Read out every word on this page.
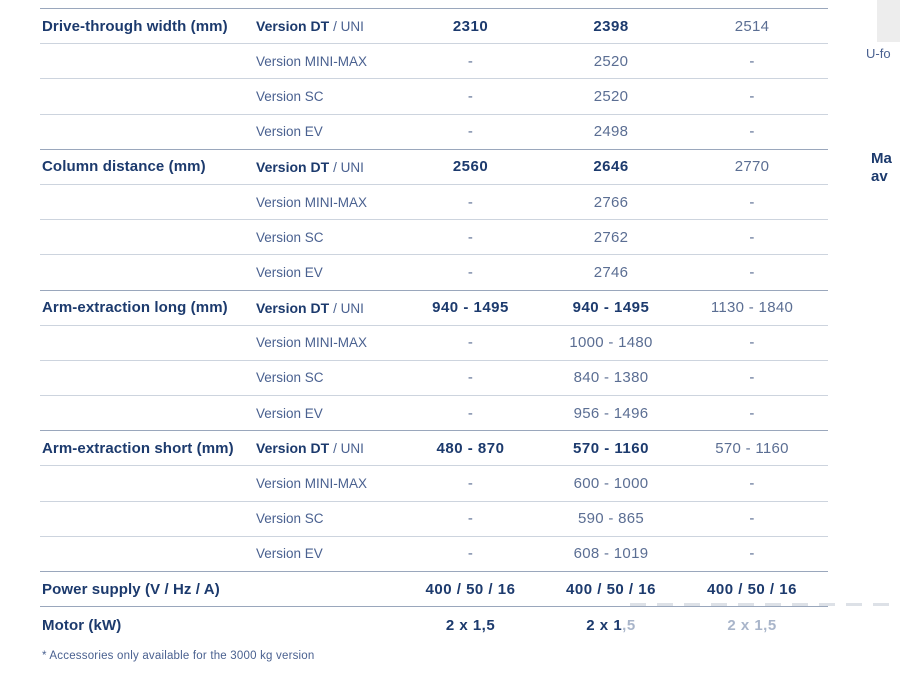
Drive-through width (mm)	Version DT / UNI	2310	2398	2514
Version MINI-MAX	-	2520	-
Version SC	-	2520	-
Version EV	-	2498	-
Column distance (mm)	Version DT / UNI	2560	2646	2770
Version MINI-MAX	-	2766	-
Version SC	-	2762	-
Version EV	-	2746	-
Arm-extraction long (mm)	Version DT / UNI	940 - 1495	940 - 1495	1130 - 1840
Version MINI-MAX	-	1000 - 1480	-
Version SC	-	840 - 1380	-
Version EV	-	956 - 1496	-
Arm-extraction short (mm)	Version DT / UNI	480 - 870	570 - 1160	570 - 1160
Version MINI-MAX	-	600 - 1000	-
Version SC	-	590 - 865	-
Version EV	-	608 - 1019	-
Power supply (V / Hz / A)	400 / 50 / 16	400 / 50 / 16	400 / 50 / 16
Motor (kW)	2 x 1,5	2 x 1,5	2 x 1,5
* Accessories only available for the 3000 kg version
U-fo
Ma
av
